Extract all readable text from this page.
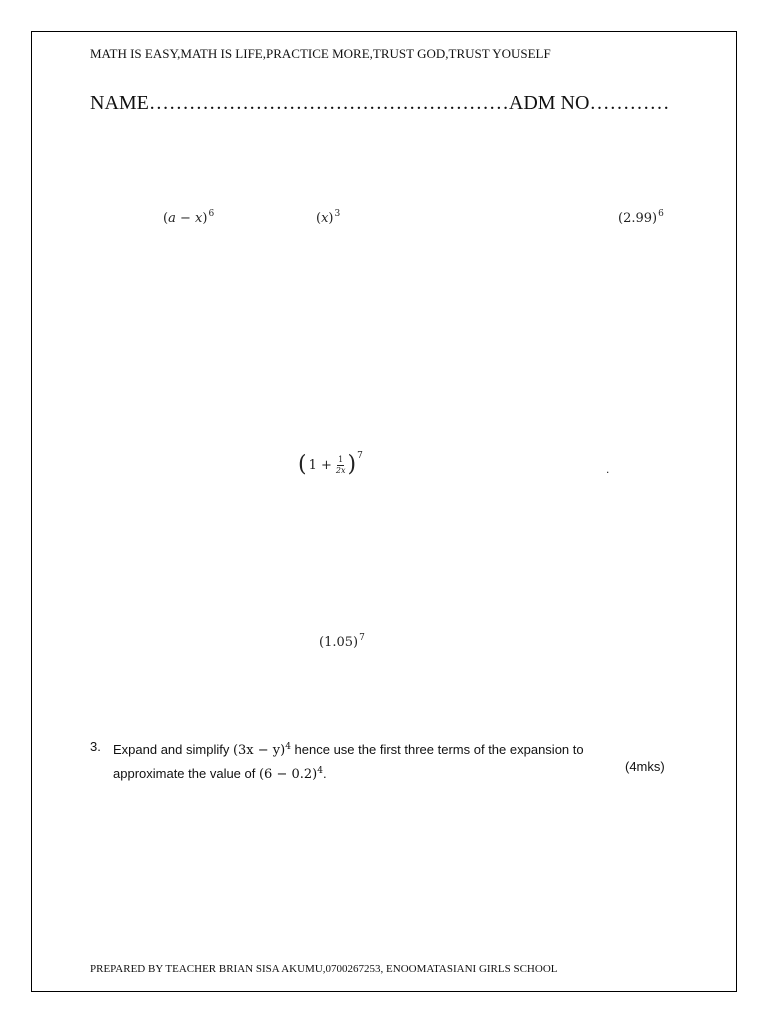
MATH IS EASY,MATH IS LIFE,PRACTICE MORE,TRUST GOD,TRUST YOUSELF
NAME………………………………………………ADM NO…………
$(a - x)^6$	$(x)^3$	$(2.99)^6$
( $1 + \frac{1}{2x}$ ) 7
.
$(1.05)^7$
3. Expand and simplify $(3x - y)^4$ hence use the first three terms of the expansion to
approximate the value of $(6 - 0.2)^4$.	(4mks)
PREPARED BY TEACHER BRIAN SISA AKUMU,0700267253, ENOOMATASIANI GIRLS SCHOOL
